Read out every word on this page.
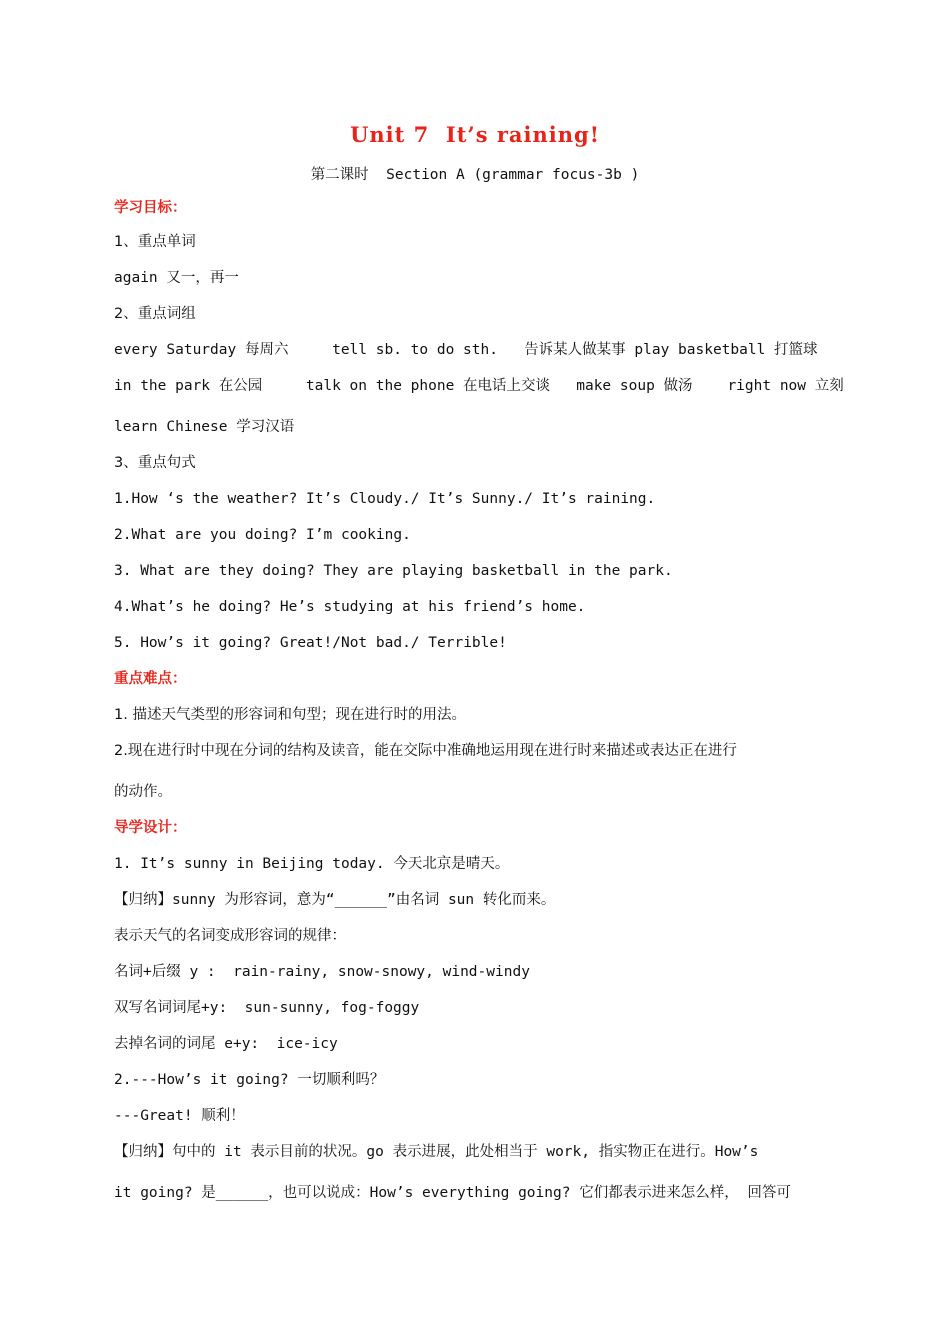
Unit 7  It’s raining!
第二课时  Section A (grammar focus-3b )
学习目标：
1、重点单词
again 又一，再一
2、重点词组
every Saturday 每周六     tell sb. to do sth.   告诉某人做某事 play basketball 打篮球
in the park 在公园     talk on the phone 在电话上交谈   make soup 做汤    right now 立刻
learn Chinese 学习汉语
3、重点句式
1.How ‘s the weather? It’s Cloudy./ It’s Sunny./ It’s raining.
2.What are you doing? I’m cooking.
3. What are they doing? They are playing basketball in the park.
4.What’s he doing? He’s studying at his friend’s home.
5. How’s it going? Great!/Not bad./ Terrible!
重点难点：
1. 描述天气类型的形容词和句型；现在进行时的用法。
2.现在进行时中现在分词的结构及读音，能在交际中准确地运用现在进行时来描述或表达正在进行
的动作。
导学设计：
1. It’s sunny in Beijing today. 今天北京是晴天。
【归纳】sunny 为形容词，意为“______”由名词 sun 转化而来。
表示天气的名词变成形容词的规律：
名词+后缀 y :  rain-rainy, snow-snowy, wind-windy
双写名词词尾+y:  sun-sunny, fog-foggy
去掉名词的词尾 e+y:  ice-icy
2.---How’s it going? 一切顺利吗？
---Great! 顺利！
【归纳】句中的 it 表示目前的状况。go 表示进展，此处相当于 work, 指实物正在进行。How’s
it going? 是______，也可以说成：How’s everything going? 它们都表示进来怎么样， 回答可
